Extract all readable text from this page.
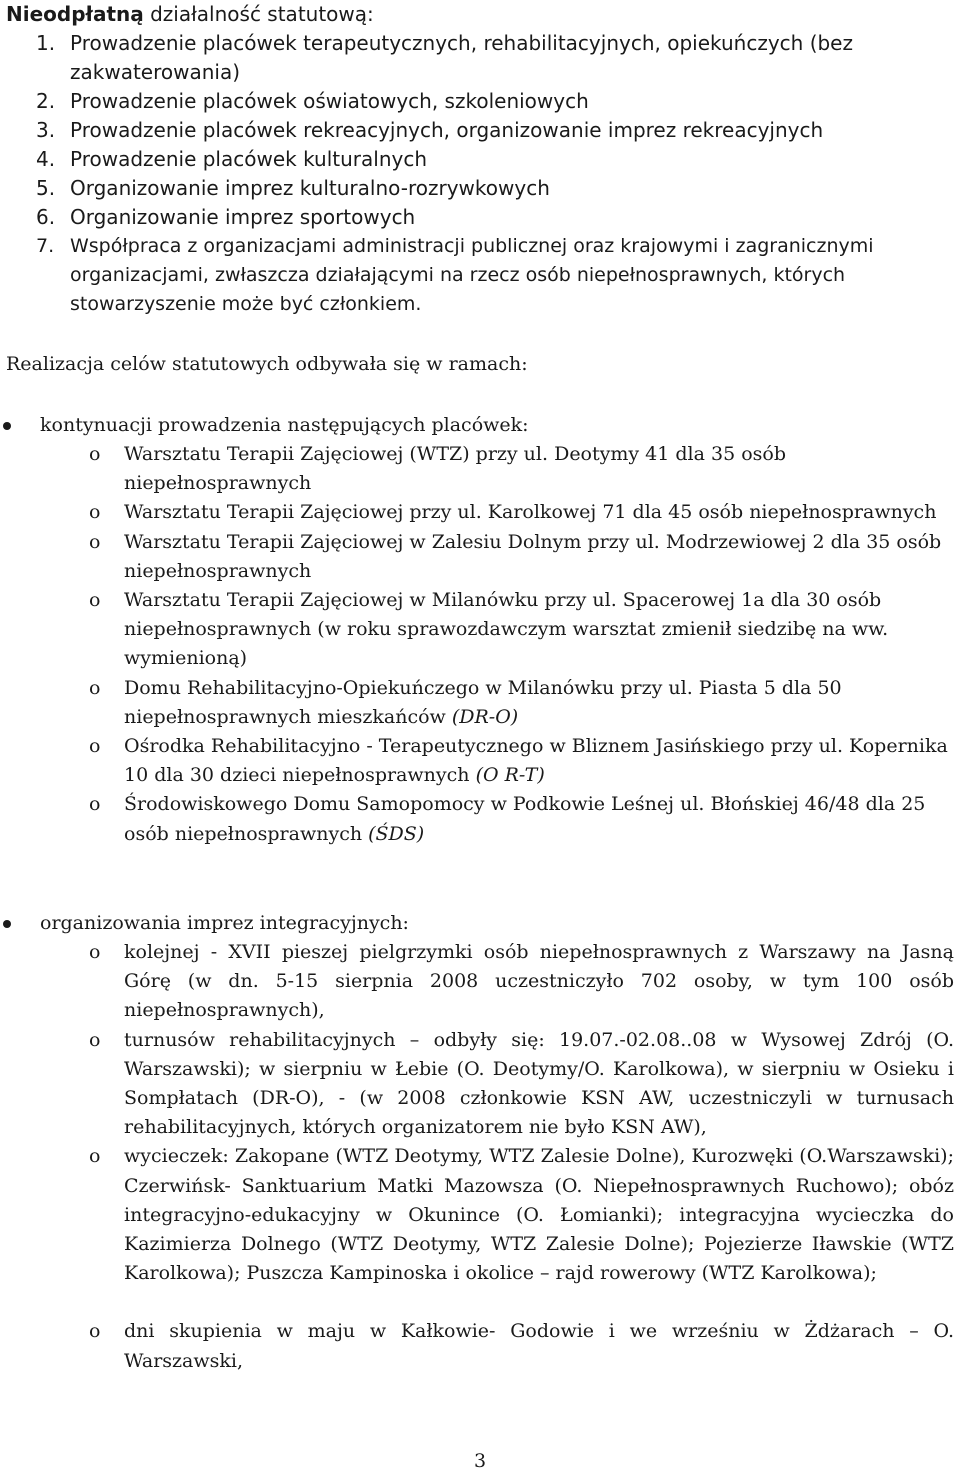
Nieodpłatną działalność statutową:

1. Prowadzenie placówek terapeutycznych, rehabilitacyjnych, opiekuńczych (bez zakwaterowania)
2. Prowadzenie placówek oświatowych, szkoleniowych
3. Prowadzenie placówek rekreacyjnych, organizowanie imprez rekreacyjnych
4. Prowadzenie placówek kulturalnych
5. Organizowanie imprez kulturalno-rozrywkowych
6. Organizowanie imprez sportowych
7. Współpraca z organizacjami administracji publicznej oraz krajowymi i zagranicznymi organizacjami, zwłaszcza działającymi na rzecz osób niepełnosprawnych, których stowarzyszenie może być członkiem.

Realizacja celów statutowych odbywała się w ramach:

kontynuacji prowadzenia następujących placówek:
o Warsztatu Terapii Zajęciowej (WTZ) przy ul. Deotymy 41 dla 35 osób niepełnosprawnych
o Warsztatu Terapii Zajęciowej przy ul. Karolkowej 71 dla 45 osób niepełnosprawnych
o Warsztatu Terapii Zajęciowej w Zalesiu Dolnym przy ul. Modrzewiowej 2 dla 35 osób niepełnosprawnych
o Warsztatu Terapii Zajęciowej w Milanówku przy ul. Spacerowej 1a dla 30 osób niepełnosprawnych (w roku sprawozdawczym warsztat zmienił siedzibę na ww. wymienioną)
o Domu Rehabilitacyjno-Opiekuńczego w Milanówku przy ul. Piasta 5 dla 50 niepełnosprawnych mieszkańców (DR-O)
o Ośrodka Rehabilitacyjno - Terapeutycznego w Bliznem Jasińskiego przy ul. Kopernika 10 dla 30 dzieci niepełnosprawnych (O R-T)
o Środowiskowego Domu Samopomocy w Podkowie Leśnej ul. Błońskiej 46/48 dla 25 osób niepełnosprawnych (ŚDS)
organizowania imprez integracyjnych:
o kolejnej - XVII pieszej pielgrzymki osób niepełnosprawnych z Warszawy na Jasną Górę (w dn. 5-15 sierpnia 2008 uczestniczyło 702 osoby, w tym 100 osób niepełnosprawnych),
o turnusów rehabilitacyjnych – odbyły się: 19.07.-02.08..08 w Wysowej Zdrój (O. Warszawski); w sierpniu w Łebie (O. Deotymy/O. Karolkowa), w sierpniu w Osieku i Sompłatach (DR-O), - (w 2008 członkowie KSN AW, uczestniczyli w turnusach rehabilitacyjnych, których organizatorem nie było KSN AW),
o wycieczek: Zakopane (WTZ Deotymy, WTZ Zalesie Dolne), Kurozwęki (O.Warszawski); Czerwińsk- Sanktuarium Matki Mazowsza (O. Niepełnosprawnych Ruchowo); obóz integracyjno-edukacyjny w Okunince (O. Łomianki); integracyjna wycieczka do Kazimierza Dolnego (WTZ Deotymy, WTZ Zalesie Dolne); Pojezierze Iławskie (WTZ Karolkowa); Puszcza Kampinoska i okolice – rajd rowerowy (WTZ Karolkowa);
o dni skupienia w maju w Kałkowie- Godowie i we wrześniu w Żdżarach – O. Warszawski,
3
